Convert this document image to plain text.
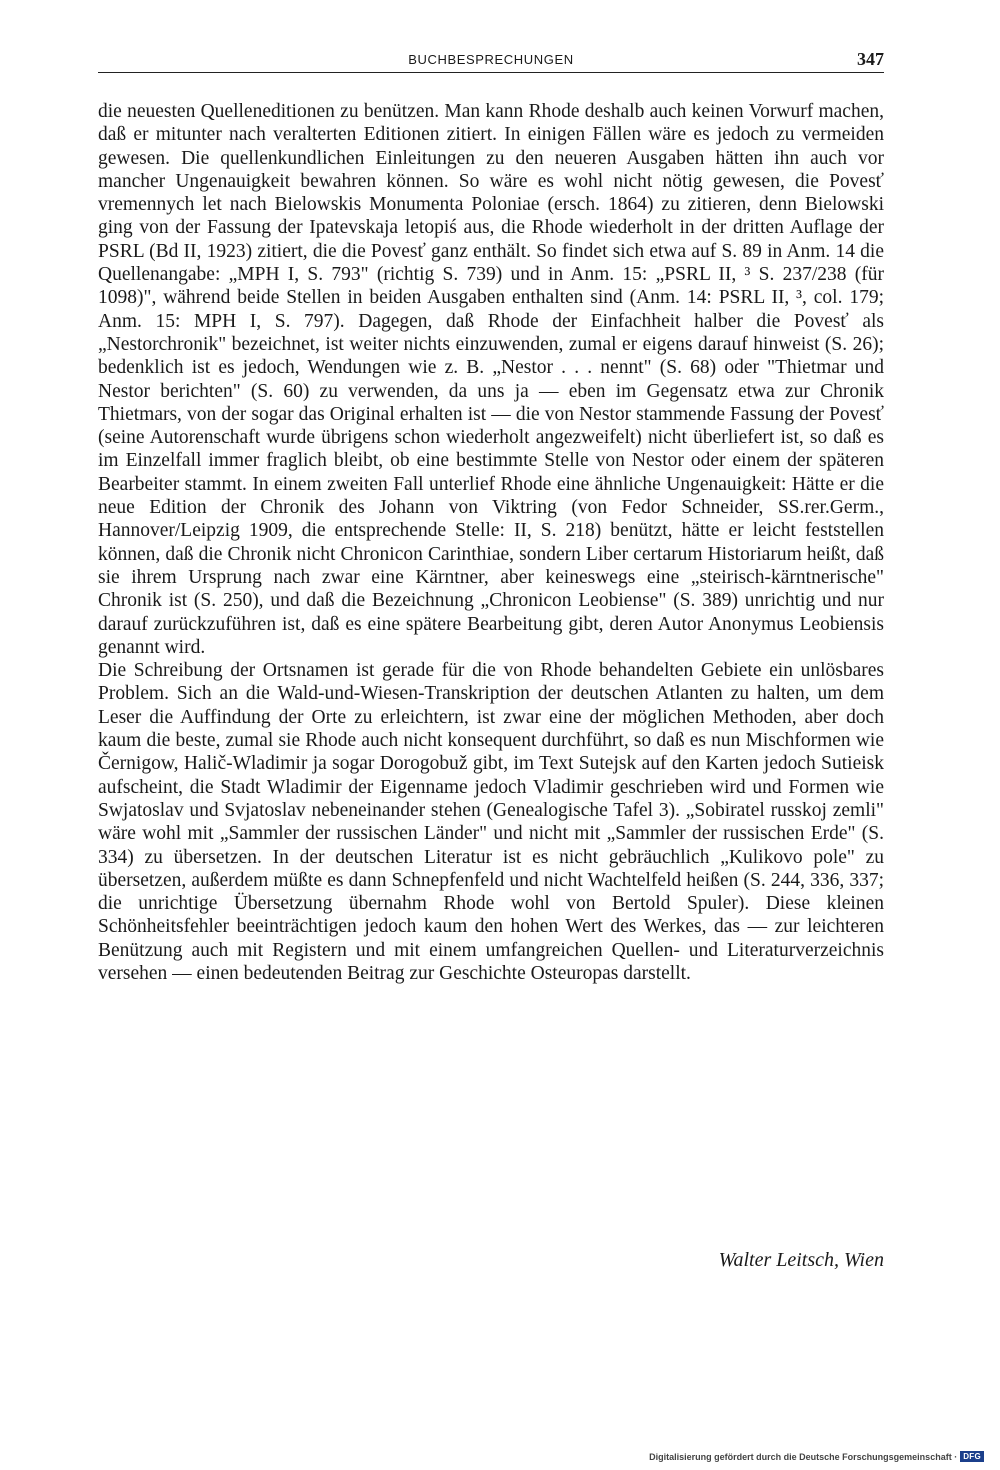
BUCHBESPRECHUNGEN	347

die neuesten Quelleneditionen zu benützen. Man kann Rhode deshalb auch keinen Vorwurf machen, daß er mitunter nach veralterten Editionen zitiert. In einigen Fällen wäre es jedoch zu vermeiden gewesen. Die quellenkundlichen Einleitungen zu den neueren Ausgaben hätten ihn auch vor mancher Ungenauigkeit bewahren können. So wäre es wohl nicht nötig gewesen, die Povesť vremennych let nach Bielowskis Monumenta Poloniae (ersch. 1864) zu zitieren, denn Bielowski ging von der Fassung der Ipatevskaja letopiś aus, die Rhode wiederholt in der dritten Auflage der PSRL (Bd II, 1923) zitiert, die die Povesť ganz enthält. So findet sich etwa auf S. 89 in Anm. 14 die Quellenangabe: „MPH I, S. 793" (richtig S. 739) und in Anm. 15: „PSRL II, ³ S. 237/238 (für 1098)", während beide Stellen in beiden Ausgaben enthalten sind (Anm. 14: PSRL II, ³, col. 179; Anm. 15: MPH I, S. 797). Dagegen, daß Rhode der Einfachheit halber die Povesť als „Nestorchronik" bezeichnet, ist weiter nichts einzuwenden, zumal er eigens darauf hinweist (S. 26); bedenklich ist es jedoch, Wendungen wie z. B. „Nestor . . . nennt" (S. 68) oder "Thietmar und Nestor berichten" (S. 60) zu verwenden, da uns ja — eben im Gegensatz etwa zur Chronik Thietmars, von der sogar das Original erhalten ist — die von Nestor stammende Fassung der Povesť (seine Autorenschaft wurde übrigens schon wiederholt angezweifelt) nicht überliefert ist, so daß es im Einzelfall immer fraglich bleibt, ob eine bestimmte Stelle von Nestor oder einem der späteren Bearbeiter stammt. In einem zweiten Fall unterlief Rhode eine ähnliche Ungenauigkeit: Hätte er die neue Edition der Chronik des Johann von Viktring (von Fedor Schneider, SS.rer.Germ., Hannover/Leipzig 1909, die entsprechende Stelle: II, S. 218) benützt, hätte er leicht feststellen können, daß die Chronik nicht Chronicon Carinthiae, sondern Liber certarum Historiarum heißt, daß sie ihrem Ursprung nach zwar eine Kärntner, aber keineswegs eine „steirisch-kärntnerische" Chronik ist (S. 250), und daß die Bezeichnung „Chronicon Leobiense" (S. 389) unrichtig und nur darauf zurückzuführen ist, daß es eine spätere Bearbeitung gibt, deren Autor Anonymus Leobiensis genannt wird.

Die Schreibung der Ortsnamen ist gerade für die von Rhode behandelten Gebiete ein unlösbares Problem. Sich an die Wald-und-Wiesen-Transkription der deutschen Atlanten zu halten, um dem Leser die Auffindung der Orte zu erleichtern, ist zwar eine der möglichen Methoden, aber doch kaum die beste, zumal sie Rhode auch nicht konsequent durchführt, so daß es nun Mischformen wie Černigow, Halič-Wladimir ja sogar Dorogobuž gibt, im Text Sutejsk auf den Karten jedoch Sutieisk aufscheint, die Stadt Wladimir der Eigenname jedoch Vladimir geschrieben wird und Formen wie Swjatoslav und Svjatoslav nebeneinander stehen (Genealogische Tafel 3). „Sobiratel russkoj zemli" wäre wohl mit „Sammler der russischen Länder" und nicht mit „Sammler der russischen Erde" (S. 334) zu übersetzen. In der deutschen Literatur ist es nicht gebräuchlich „Kulikovo pole" zu übersetzen, außerdem müßte es dann Schnepfenfeld und nicht Wachtelfeld heißen (S. 244, 336, 337; die unrichtige Übersetzung übernahm Rhode wohl von Bertold Spuler). Diese kleinen Schönheitsfehler beeinträchtigen jedoch kaum den hohen Wert des Werkes, das — zur leichteren Benützung auch mit Registern und mit einem umfangreichen Quellen- und Literaturverzeichnis versehen — einen bedeutenden Beitrag zur Geschichte Osteuropas darstellt.

Walter Leitsch, Wien
Digitalisierung gefördert durch die Deutsche Forschungsgemeinschaft · DFG
